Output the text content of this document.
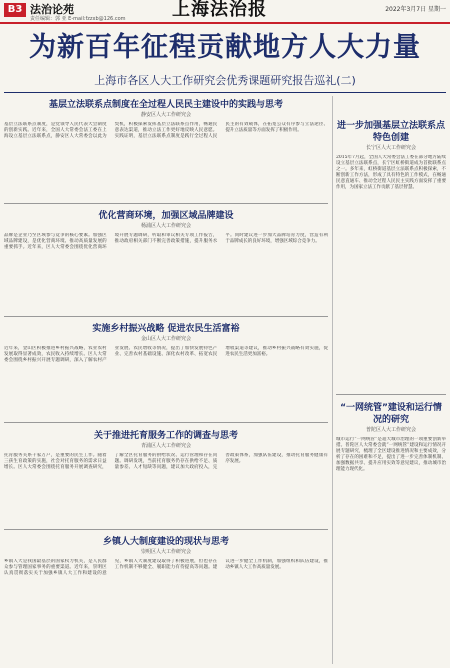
B3 法治论苑
责任编辑：郭 亚 E-mail:fzzxb@126.com	上海法治报	2022年3月7日 星期一
为新百年征程贡献地方人大力量
上海市各区人大工作研究会优秀课题研究报告巡礼(二)
基层立法联系点制度在全过程人民民主建设中的实践与思考
静安区人大工作研究会
基层立法联系点制度，是党领导人民代表大会制度的创新实践。近年来，全国人大常委会法工委在上海设立基层立法联系点，静安区人大常委会以此为契机，积极探索发挥基层立法联系点作用，畅通民意表达渠道，推动立法工作更好地反映人民意愿。实践证明，基层立法联系点制度是践行全过程人民民主的有效载体，在拓宽公众有序参与立法途径、提升立法质量等方面发挥了积极作用。
优化营商环境，加强区域品牌建设
杨浦区人大工作研究会
品牌是企业乃至区域参与竞争的核心要素。加强区域品牌建设，是优化营商环境、推动高质量发展的重要抓手。近年来，区人大常委会围绕优化营商环境开展专题调研，听取和审议相关专项工作报告，推动政府相关部门不断完善政策措施，提升服务水平。同时建议进一步加大品牌培育力度，营造有利于品牌成长的良好环境，增强区域综合竞争力。
实施乡村振兴战略 促进农民生活富裕
金山区人大工作研究会
近年来，金山区积极推进乡村振兴战略，农业农村发展取得显著成效，农民收入持续增长。区人大常委会围绕乡村振兴开展专题调研，深入了解农村产业发展、农民增收等情况，提出了加快发展特色产业、完善农村基础设施、深化农村改革、拓宽农民增收渠道等建议，推动乡村振兴战略有效实施，促进农民生活更加富裕。
关于推进托育服务工作的调查与思考
青浦区人大工作研究会
托育服务关系千家万户，是重要的民生工作。随着三孩生育政策的实施，社会对托育服务的需求日益增长。区人大常委会围绕托育服务开展调查研究，了解全区托育服务的供给状况、运行管理和存在问题。调研发现，当前托育服务仍存在供给不足、质量参差、人才短缺等问题，建议加大政府投入，完善政策体系，加强队伍建设，推动托育服务健康有序发展。
乡镇人大制度建设的现状与思考
崇明区人大工作研究会
乡镇人大是我国最基层的国家权力机关，是人民群众参与管理国家事务的重要渠道。近年来，崇明区认真贯彻落实关于加强乡镇人大工作和建设的意见，乡镇人大制度建设取得了积极进展，但也存在工作机制不够健全、履职能力有待提高等问题。建议进一步健全工作机制，加强组织和队伍建设，推动乡镇人大工作高质量发展。
进一步加强基层立法联系点特色创建
长宁区人大工作研究会
2015年7月起，全国人大常委会法工委在部分地方陆续设立基层立法联系点，长宁区虹桥街道成为首批联系点之一。多年来，虹桥街道基层立法联系点积极探索，不断创新工作方法，形成了具有特色的工作模式，在畅通民意直通车、推动全过程人民民主实践方面发挥了重要作用，为国家立法工作贡献了基层智慧。
“一网统管”建设和运行情况的研究
普陀区人大工作研究会
城市运行“一网统管”是超大城市治理的一项重要创新举措。普陀区人大常委会就“一网统管”建设和运行情况开展专题研究，梳理了全区建设推进情况和主要成效，分析了存在的困难和不足，提出了进一步完善体制机制、加强数据共享、提升应用实效等意见建议，推动城市治理能力现代化。
